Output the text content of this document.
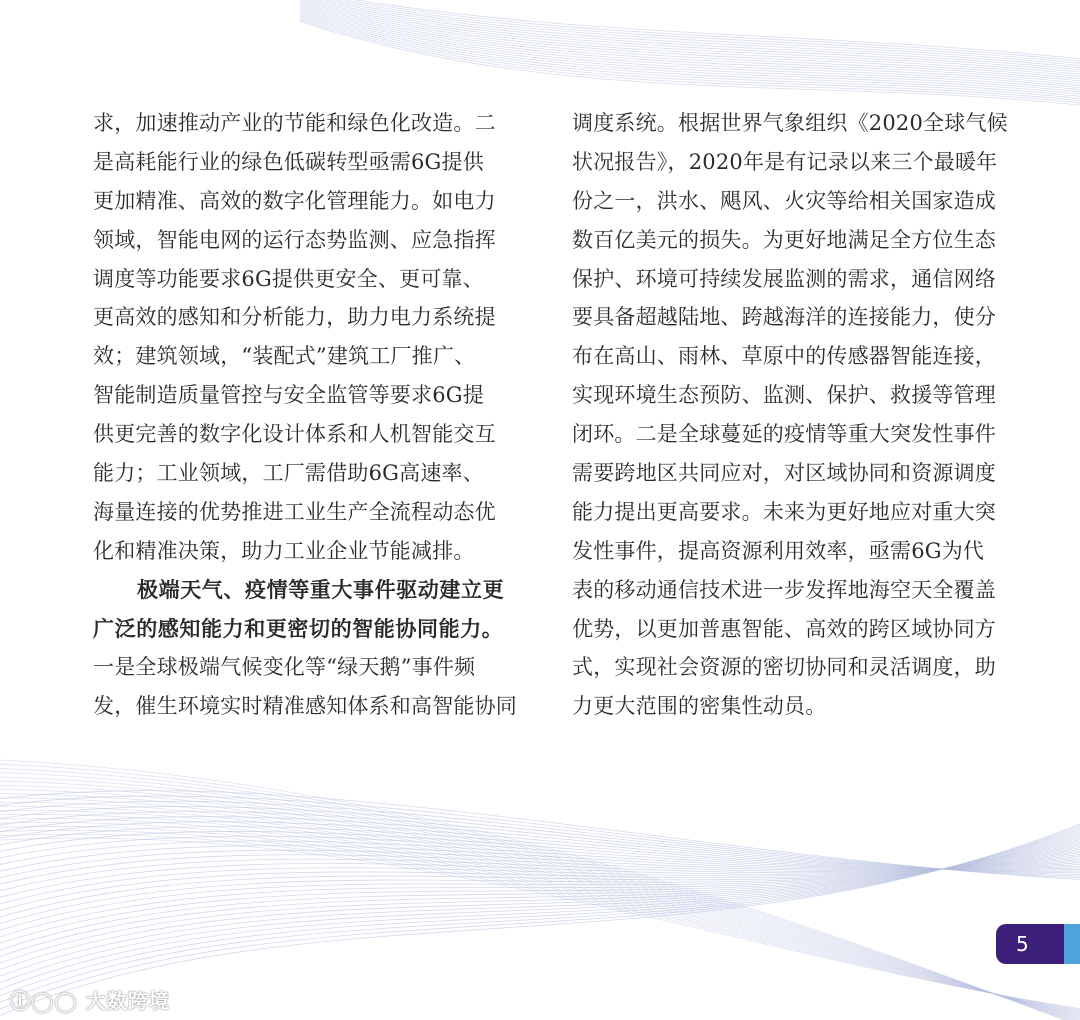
求，加速推动产业的节能和绿色化改造。二
是高耗能行业的绿色低碳转型亟需6G提供
更加精准、高效的数字化管理能力。如电力
领域，智能电网的运行态势监测、应急指挥
调度等功能要求6G提供更安全、更可靠、
更高效的感知和分析能力，助力电力系统提
效；建筑领域，“装配式”建筑工厂推广、
智能制造质量管控与安全监管等要求6G提
供更完善的数字化设计体系和人机智能交互
能力；工业领域，工厂需借助6G高速率、
海量连接的优势推进工业生产全流程动态优
化和精准决策，助力工业企业节能减排。
极端天气、疫情等重大事件驱动建立更
广泛的感知能力和更密切的智能协同能力。
一是全球极端气候变化等“绿天鹅”事件频
发，催生环境实时精准感知体系和高智能协同
调度系统。根据世界气象组织《2020全球气候
状况报告》，2020年是有记录以来三个最暖年
份之一，洪水、飓风、火灾等给相关国家造成
数百亿美元的损失。为更好地满足全方位生态
保护、环境可持续发展监测的需求，通信网络
要具备超越陆地、跨越海洋的连接能力，使分
布在高山、雨林、草原中的传感器智能连接，
实现环境生态预防、监测、保护、救援等管理
闭环。二是全球蔓延的疫情等重大突发性事件
需要跨地区共同应对，对区域协同和资源调度
能力提出更高要求。未来为更好地应对重大突
发性事件，提高资源利用效率，亟需6G为代
表的移动通信技术进一步发挥地海空天全覆盖
优势，以更加普惠智能、高效的跨区域协同方
式，实现社会资源的密切协同和灵活调度，助
力更大范围的密集性动员。
5
ⓘ◯◯ 大数跨境
